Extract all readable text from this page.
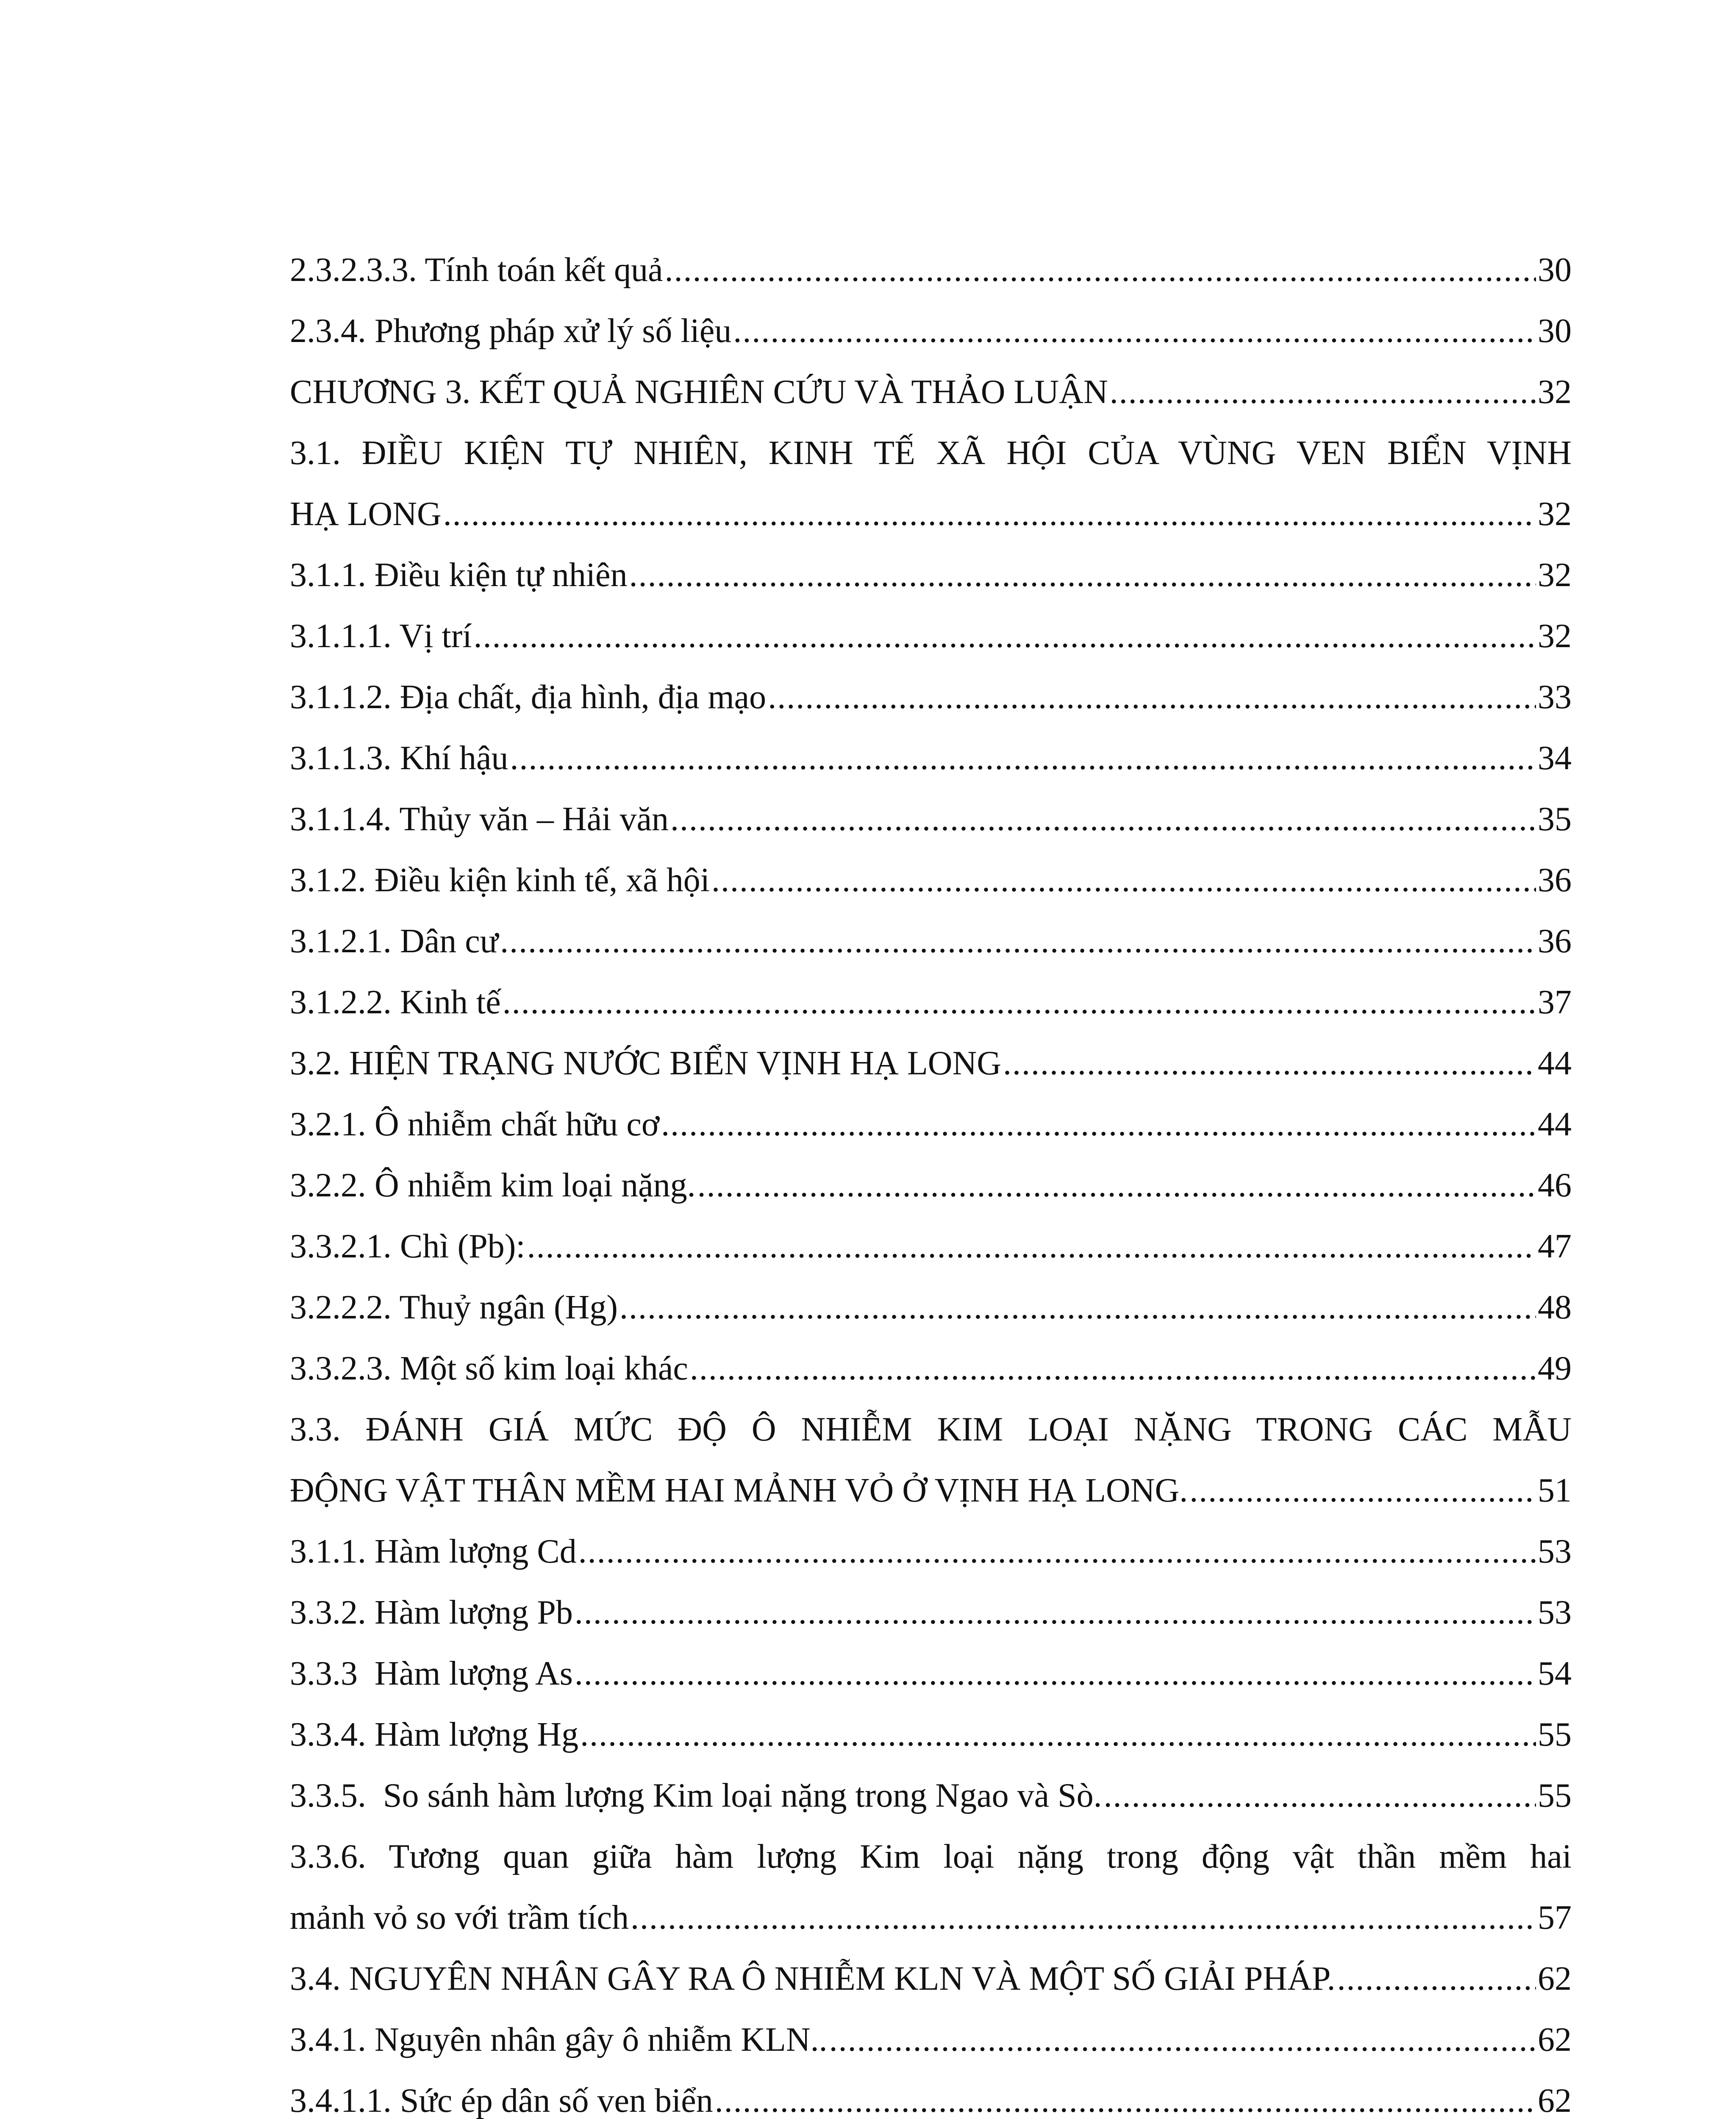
2.3.2.3.3. Tính toán kết quả .....	30
2.3.4. Phương pháp xử lý số liệu .....	30
CHƯƠNG 3. KẾT QUẢ NGHIÊN CỨU VÀ THẢO LUẬN .....	32
3.1. ĐIỀU KIỆN TỰ NHIÊN, KINH TẾ XÃ HỘI CỦA VÙNG VEN BIỂN VỊNH
HẠ LONG .....	32
3.1.1. Điều kiện tự nhiên .....	32
3.1.1.1. Vị trí .....	32
3.1.1.2. Địa chất, địa hình, địa mạo .....	33
3.1.1.3. Khí hậu .....	34
3.1.1.4. Thủy văn – Hải văn .....	35
3.1.2. Điều kiện kinh tế, xã hội .....	36
3.1.2.1. Dân cư .....	36
3.1.2.2. Kinh tế .....	37
3.2. HIỆN TRẠNG NƯỚC BIỂN VỊNH HẠ LONG .....	44
3.2.1. Ô nhiễm chất hữu cơ .....	44
3.2.2. Ô nhiễm kim loại nặng. .....	46
3.3.2.1. Chì (Pb): .....	47
3.2.2.2. Thuỷ ngân (Hg) .....	48
3.3.2.3. Một số kim loại khác .....	49
3.3. ĐÁNH GIÁ MỨC ĐỘ Ô NHIỄM KIM LOẠI NẶNG TRONG CÁC MẪU
ĐỘNG VẬT THÂN MỀM HAI MẢNH VỎ Ở VỊNH HẠ LONG. .....	51
3.1.1. Hàm lượng Cd .....	53
3.3.2. Hàm lượng Pb .....	53
3.3.3  Hàm lượng As .....	54
3.3.4. Hàm lượng Hg .....	55
3.3.5.  So sánh hàm lượng Kim loại nặng trong Ngao và Sò. .....	55
3.3.6. Tương quan giữa hàm lượng Kim loại nặng trong động vật thần mềm hai
mảnh vỏ so với trầm tích .....	57
3.4. NGUYÊN NHÂN GÂY RA Ô NHIỄM KLN VÀ MỘT SỐ GIẢI PHÁP. .....	62
3.4.1. Nguyên nhân gây ô nhiễm KLN.. .....	62
3.4.1.1. Sức ép dân số ven biển .....	62
